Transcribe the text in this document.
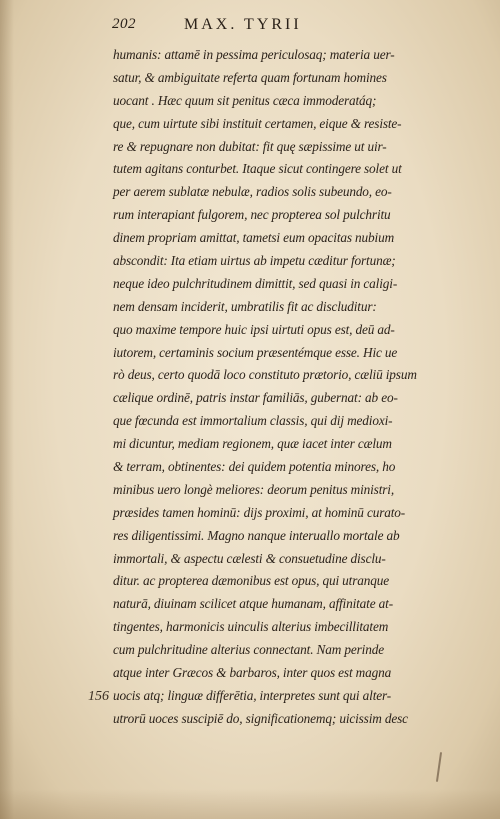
202	MAX. TYRII
humanis: attamē in pessima periculosaq; materia uer-
satur, & ambiguitate referta quam fortunam homines
uocant . Hæc quum sit penitus cæca immoderatáq;
que, cum uirtute sibi instituit certamen, eique & resiste-
re & repugnare non dubitat: fit quę sæpissime ut uir-
tutem agitans conturbet. Itaque sicut contingere solet ut
per aerem sublatæ nebulæ, radios solis subeundo, eo-
rum interapiant fulgorem, nec propterea sol pulchritu
dinem propriam amittat, tametsi eum opacitas nubium
abscondit: Ita etiam uirtus ab impetu cæditur fortunæ;
neque ideo pulchritudinem dimittit, sed quasi in caligi-
nem densam inciderit, umbratilis fit ac discluditur:
quo maxime tempore huic ipsi uirtuti opus est, deū ad-
iutorem, certaminis socium præsentémque esse. Hic ue
rò deus, certo quodā loco constituto prætorio, cæliū ipsum
cælique ordinē, patris instar familiās, gubernat: ab eo-
que fœcunda est immortalium classis, qui dij medioxi-
mi dicuntur, mediam regionem, quæ iacet inter cælum
& terram, obtinentes: dei quidem potentia minores, ho
minibus uero longè meliores: deorum penitus ministri,
præsides tamen hominū: dijs proximi, at hominū curato-
res diligentissimi. Magno nanque interuallo mortale ab
immortali, & aspectu cælesti & consuetudine disclu-
ditur. ac propterea dæmonibus est opus, qui utranque
naturā, diuinam scilicet atque humanam, affinitate at-
tingentes, harmonicis uinculis alterius imbecillitatem
cum pulchritudine alterius connectant. Nam perinde
atque inter Græcos & barbaros, inter quos est magna
uocis atq; linguæ differētia, interpretes sunt qui alter-
utrorū uoces suscipiē do, significationemq; uicissim desc
156
